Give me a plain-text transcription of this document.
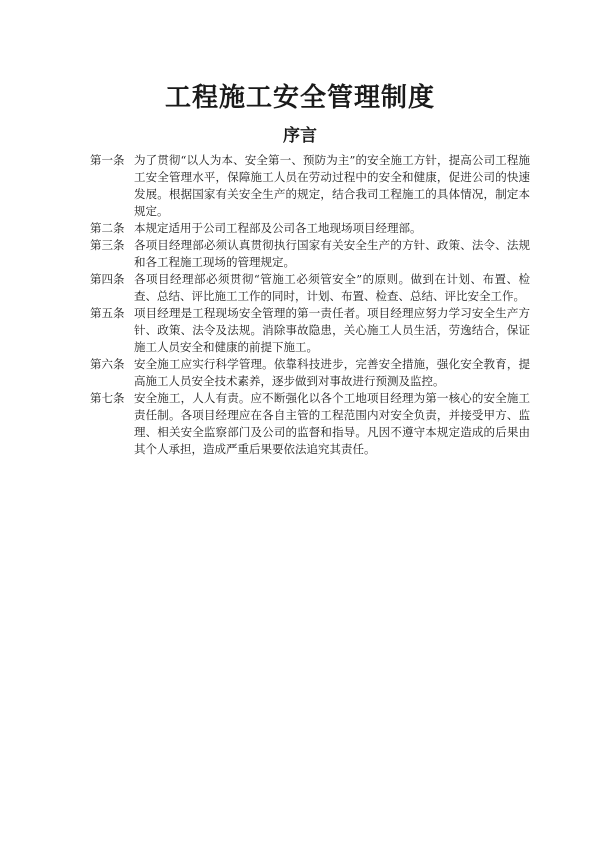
工程施工安全管理制度
序言
第一条 为了贯彻“以人为本、安全第一、预防为主”的安全施工方针，提高公司工程施工安全管理水平，保障施工人员在劳动过程中的安全和健康，促进公司的快速发展。根据国家有关安全生产的规定，结合我司工程施工的具体情况，制定本规定。
第二条 本规定适用于公司工程部及公司各工地现场项目经理部。
第三条 各项目经理部必须认真贯彻执行国家有关安全生产的方针、政策、法令、法规和各工程施工现场的管理规定。
第四条 各项目经理部必须贯彻“管施工必须管安全”的原则。做到在计划、布置、检查、总结、评比施工工作的同时，计划、布置、检查、总结、评比安全工作。
第五条 项目经理是工程现场安全管理的第一责任者。项目经理应努力学习安全生产方针、政策、法令及法规。消除事故隐患，关心施工人员生活，劳逸结合，保证施工人员安全和健康的前提下施工。
第六条 安全施工应实行科学管理。依靠科技进步，完善安全措施，强化安全教育，提高施工人员安全技术素养，逐步做到对事故进行预测及监控。
第七条 安全施工，人人有责。应不断强化以各个工地项目经理为第一核心的安全施工责任制。各项目经理应在各自主管的工程范围内对安全负责，并接受甲方、监理、相关安全监察部门及公司的监督和指导。凡因不遵守本规定造成的后果由其个人承担，造成严重后果要依法追究其责任。
